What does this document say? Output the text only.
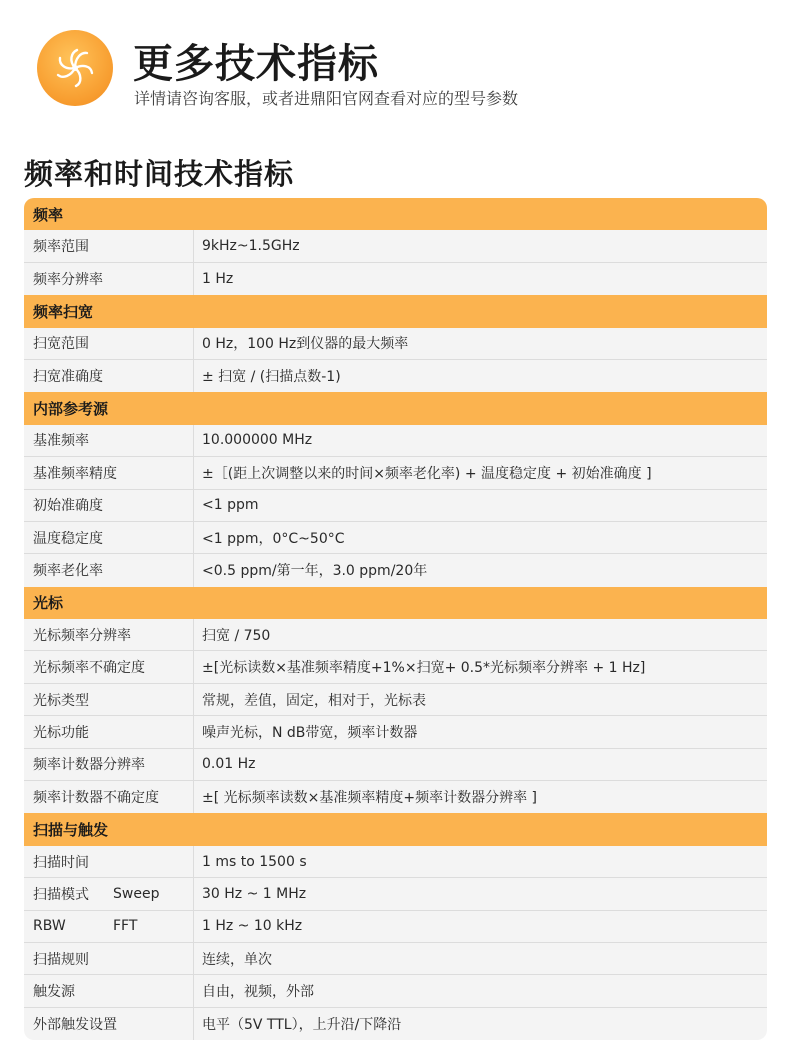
更多技术指标
详情请咨询客服，或者进鼎阳官网查看对应的型号参数
频率和时间技术指标
频率
频率范围	9kHz~1.5GHz
频率分辨率	1 Hz
频率扫宽
扫宽范围	0 Hz，100 Hz到仪器的最大频率
扫宽准确度	± 扫宽 / (扫描点数-1)
内部参考源
基准频率	10.000000 MHz
基准频率精度	±［(距上次调整以来的时间×频率老化率) + 温度稳定度 + 初始准确度 ]
初始准确度	<1 ppm
温度稳定度	<1 ppm，0°C~50°C
频率老化率	<0.5 ppm/第一年，3.0 ppm/20年
光标
光标频率分辨率	扫宽 / 750
光标频率不确定度	±[光标读数×基准频率精度+1%×扫宽+ 0.5*光标频率分辨率 + 1 Hz]
光标类型	常规，差值，固定，相对于，光标表
光标功能	噪声光标，N dB带宽，频率计数器
频率计数器分辨率	0.01 Hz
频率计数器不确定度	±[ 光标频率读数×基准频率精度+频率计数器分辨率 ]
扫描与触发
扫描时间	1 ms to 1500 s
扫描模式	Sweep	30 Hz ~ 1 MHz
RBW	FFT	1 Hz ~ 10 kHz
扫描规则	连续，单次
触发源	自由，视频，外部
外部触发设置	电平（5V TTL），上升沿/下降沿
